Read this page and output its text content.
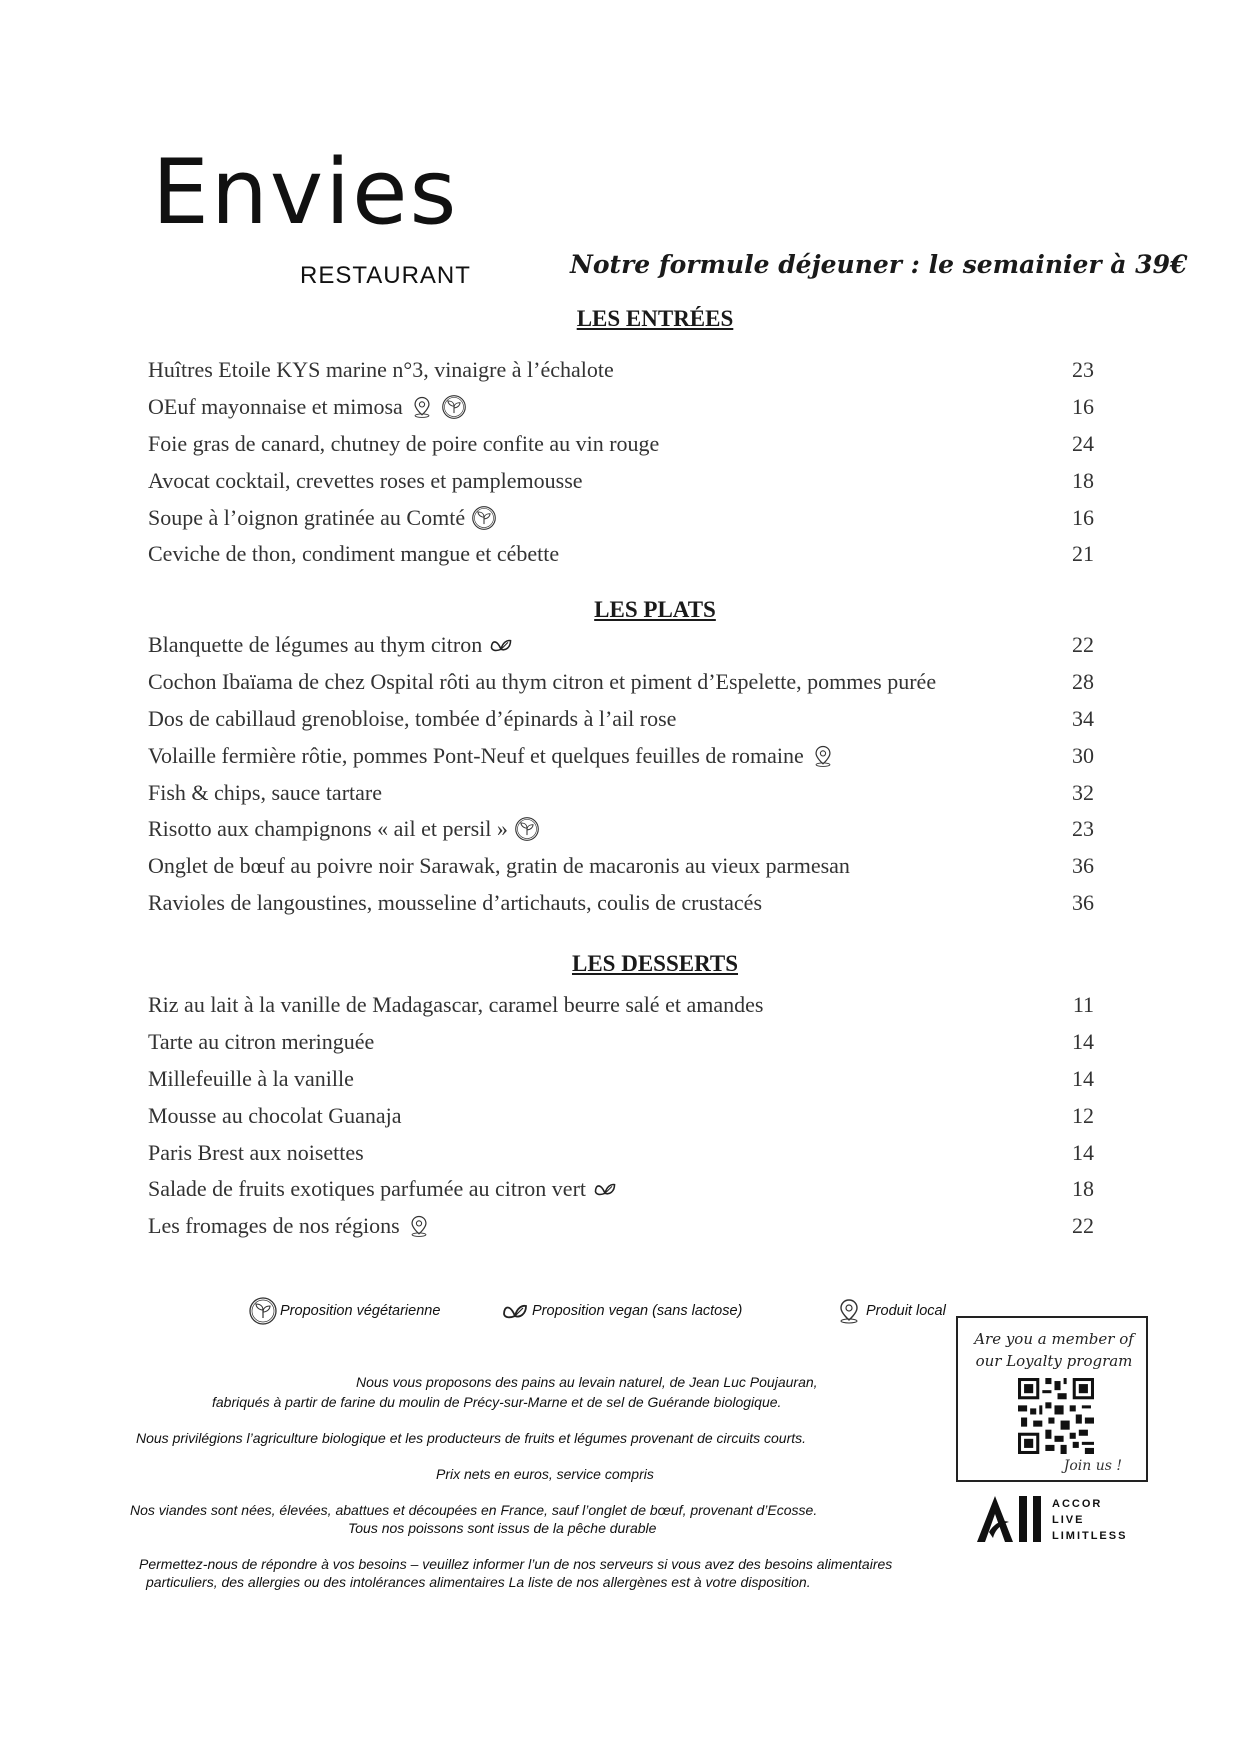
Envies
RESTAURANT	Notre formule déjeuner : le semainier à 39€
LES ENTRÉES
Huîtres Etoile KYS marine n°3, vinaigre à l’échalote	23
OEuf mayonnaise et mimosa	16
Foie gras de canard, chutney de poire confite au vin rouge	24
Avocat cocktail, crevettes roses et pamplemousse	18
Soupe à l’oignon gratinée au Comté	16
Ceviche de thon, condiment mangue et cébette	21
LES PLATS
Blanquette de légumes au thym citron	22
Cochon Ibaïama de chez Ospital rôti au thym citron et piment d’Espelette, pommes purée	28
Dos de cabillaud grenobloise, tombée d’épinards à l’ail rose	34
Volaille fermière rôtie, pommes Pont-Neuf et quelques feuilles de romaine	30
Fish & chips, sauce tartare	32
Risotto aux champignons « ail et persil »	23
Onglet de bœuf au poivre noir Sarawak, gratin de macaronis au vieux parmesan	36
Ravioles de langoustines, mousseline d’artichauts, coulis de crustacés	36
LES DESSERTS
Riz au lait à la vanille de Madagascar, caramel beurre salé et amandes	11
Tarte au citron meringuée	14
Millefeuille à la vanille	14
Mousse au chocolat Guanaja	12
Paris Brest aux noisettes	14
Salade de fruits exotiques parfumée au citron vert	18
Les fromages de nos régions	22
Proposition végétarienne	Proposition vegan (sans lactose)	Produit local
Nous vous proposons des pains au levain naturel, de Jean Luc Poujauran,
fabriqués à partir de farine du moulin de Précy-sur-Marne et de sel de Guérande biologique.
Nous privilégions l’agriculture biologique et les producteurs de fruits et légumes provenant de circuits courts.
Prix nets en euros, service compris
Nos viandes sont nées, élevées, abattues et découpées en France, sauf l’onglet de bœuf, provenant d’Ecosse.
Tous nos poissons sont issus de la pêche durable
Permettez-nous de répondre à vos besoins – veuillez informer l’un de nos serveurs si vous avez des besoins alimentaires
particuliers, des allergies ou des intolérances alimentaires La liste de nos allergènes est à votre disposition.
Are you a member of
our Loyalty program
Join us !
ACCOR
LIVE
LIMITLESS
